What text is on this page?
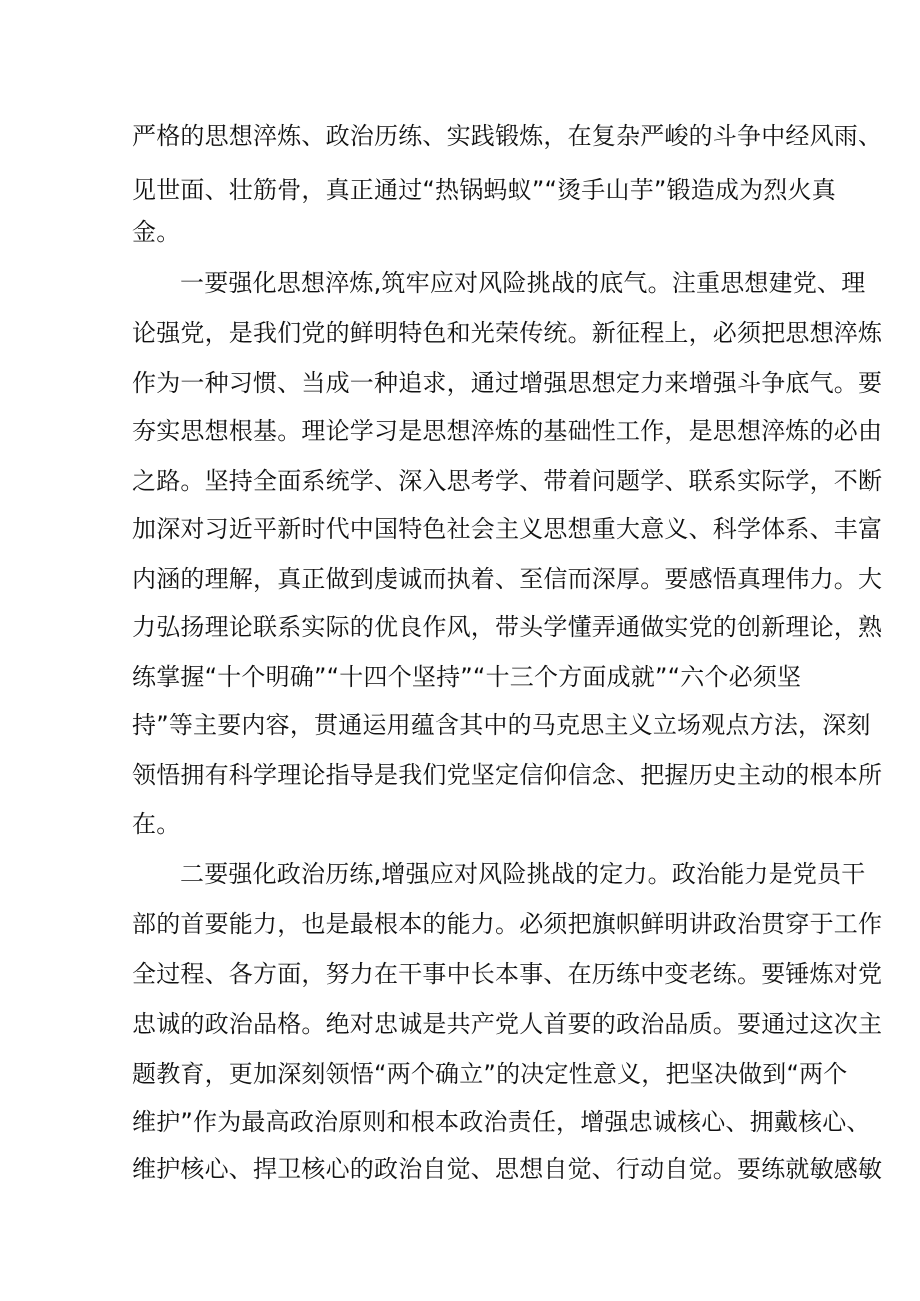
严格的思想淬炼、政治历练、实践锻炼，在复杂严峻的斗争中经风雨、

见世面、壮筋骨，真正通过“热锅蚂蚁”“烫手山芋”锻造成为烈火真

金。

一要强化思想淬炼,筑牢应对风险挑战的底气。注重思想建党、理

论强党，是我们党的鲜明特色和光荣传统。新征程上，必须把思想淬炼

作为一种习惯、当成一种追求，通过增强思想定力来增强斗争底气。要

夯实思想根基。理论学习是思想淬炼的基础性工作，是思想淬炼的必由

之路。坚持全面系统学、深入思考学、带着问题学、联系实际学，不断

加深对习近平新时代中国特色社会主义思想重大意义、科学体系、丰富

内涵的理解，真正做到虔诚而执着、至信而深厚。要感悟真理伟力。大

力弘扬理论联系实际的优良作风，带头学懂弄通做实党的创新理论，熟

练掌握“十个明确”“十四个坚持”“十三个方面成就”“六个必须坚

持”等主要内容，贯通运用蕴含其中的马克思主义立场观点方法，深刻

领悟拥有科学理论指导是我们党坚定信仰信念、把握历史主动的根本所

在。

二要强化政治历练,增强应对风险挑战的定力。政治能力是党员干

部的首要能力，也是最根本的能力。必须把旗帜鲜明讲政治贯穿于工作

全过程、各方面，努力在干事中长本事、在历练中变老练。要锤炼对党

忠诚的政治品格。绝对忠诚是共产党人首要的政治品质。要通过这次主

题教育，更加深刻领悟“两个确立”的决定性意义，把坚决做到“两个

维护”作为最高政治原则和根本政治责任，增强忠诚核心、拥戴核心、

维护核心、捍卫核心的政治自觉、思想自觉、行动自觉。要练就敏感敏
